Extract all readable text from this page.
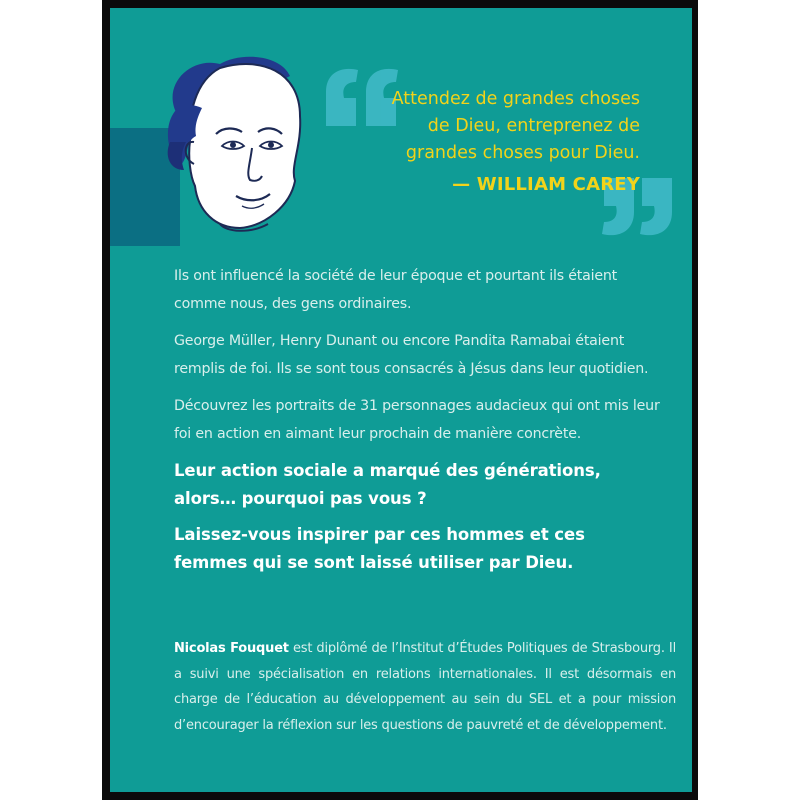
Attendez de grandes choses
de Dieu, entreprenez de
grandes choses pour Dieu.
— WILLIAM CAREY

Ils ont influencé la société de leur époque et pourtant ils étaient comme nous, des gens ordinaires.

George Müller, Henry Dunant ou encore Pandita Ramabai étaient remplis de foi. Ils se sont tous consacrés à Jésus dans leur quotidien.

Découvrez les portraits de 31 personnages audacieux qui ont mis leur foi en action en aimant leur prochain de manière concrète.

Leur action sociale a marqué des générations, alors… pourquoi pas vous ?

Laissez-vous inspirer par ces hommes et ces femmes qui se sont laissé utiliser par Dieu.

Nicolas Fouquet est diplômé de l’Institut d’Études Politiques de Strasbourg. Il a suivi une spécialisation en relations internationales. Il est désormais en charge de l’éducation au développement au sein du SEL et a pour mission d’encourager la réflexion sur les questions de pauvreté et de développement.
